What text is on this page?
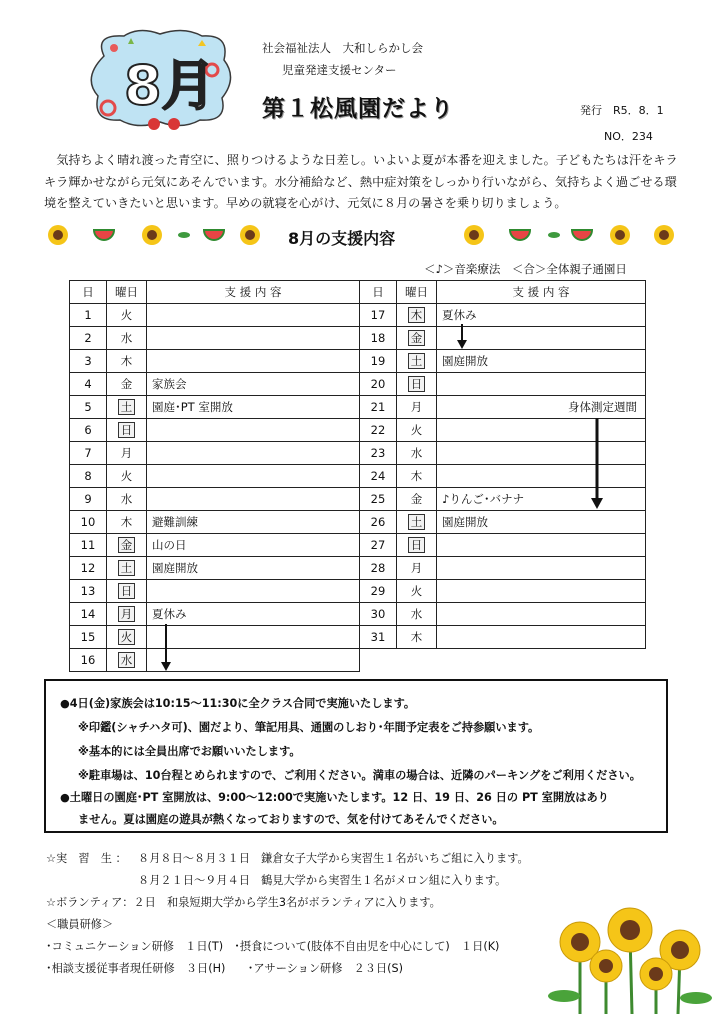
8月
社会福祉法人　大和しらかし会
児童発達支援センター
第１松風園だより	発行　R5．8．1
NO．234

気持ちよく晴れ渡った青空に、照りつけるような日差し。いよいよ夏が本番を迎えました。子どもたちは汗をキラキラ輝かせながら元気にあそんでいます。水分補給など、熱中症対策をしっかり行いながら、気持ちよく過ごせる環境を整えていきたいと思います。早めの就寝を心がけ、元気に８月の暑さを乗り切りましょう。

8月の支援内容
＜♪＞音楽療法　＜合＞全体親子通園日
日	曜日	支 援 内 容
1	火	
2	水	
3	木	
4	金	家族会
5	土	園庭･PT 室開放
6	日	
7	月	
8	火	
9	水	
10	木	避難訓練
11	金	山の日
12	土	園庭開放
13	日	
14	月	夏休み
15	火	
16	水	
日	曜日	支 援 内 容
17	木	夏休み
18	金	
19	土	園庭開放
20	日	
21	月	身体測定週間
22	火	
23	水	
24	木	
25	金	♪りんご･バナナ
26	土	園庭開放
27	日	
28	月	
29	火	
30	水	
31	木	
●4日(金)家族会は10:15～11:30に全クラス合同で実施いたします。
※印鑑(シャチハタ可)、園だより、筆記用具、通園のしおり･年間予定表をご持参願います。
※基本的には全員出席でお願いいたします。
※駐車場は、10台程とめられますので、ご利用ください。満車の場合は、近隣のパーキングをご利用ください。
●土曜日の園庭･PT 室開放は、9:00～12:00で実施いたします。12 日、19 日、26 日の PT 室開放はあり
ません。夏は園庭の遊具が熱くなっておりますので、気を付けてあそんでください。
☆実　習　生 ： ８月８日～８月３１日　鎌倉女子大学から実習生１名がいちご組に入ります。
８月２１日～９月４日　鶴見大学から実習生１名がメロン組に入ります。
☆ボランティア：２日　和泉短期大学から学生3名がボランティアに入ります。
＜職員研修＞
･コミュニケーション研修　１日(T)　･摂食について(肢体不自由児を中心にして)　１日(K)
･相談支援従事者現任研修　３日(H)　　･アサーション研修　２３日(S)
